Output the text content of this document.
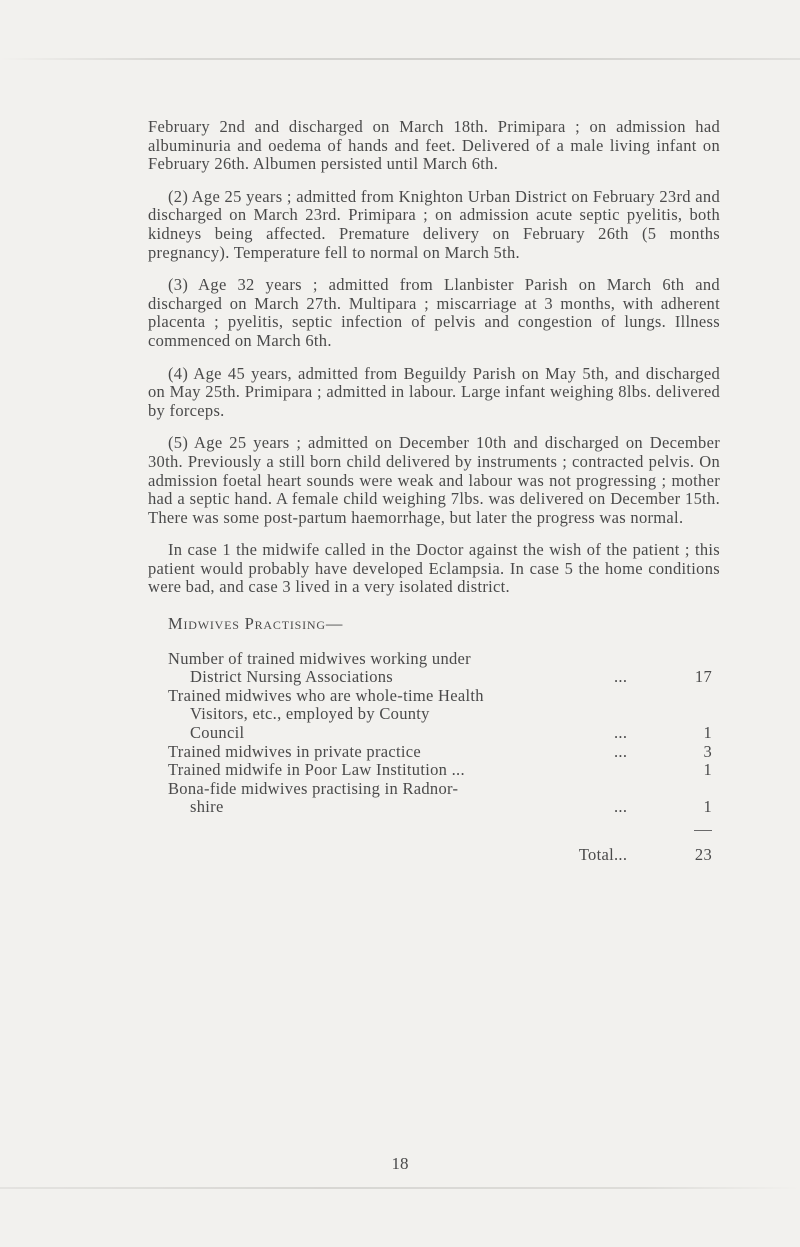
February 2nd and discharged on March 18th. Primipara ; on admission had albuminuria and oedema of hands and feet. Delivered of a male living infant on February 26th. Albumen persisted until March 6th.

(2) Age 25 years ; admitted from Knighton Urban District on February 23rd and discharged on March 23rd. Primipara ; on admission acute septic pyelitis, both kidneys being affected. Premature delivery on February 26th (5 months pregnancy). Temperature fell to normal on March 5th.

(3) Age 32 years ; admitted from Llanbister Parish on March 6th and discharged on March 27th. Multipara ; miscarriage at 3 months, with adherent placenta ; pyelitis, septic infection of pelvis and congestion of lungs. Illness commenced on March 6th.

(4) Age 45 years, admitted from Beguildy Parish on May 5th, and discharged on May 25th. Primipara ; admitted in labour. Large infant weighing 8lbs. delivered by forceps.

(5) Age 25 years ; admitted on December 10th and discharged on December 30th. Previously a still born child delivered by instruments ; contracted pelvis. On admission foetal heart sounds were weak and labour was not progressing ; mother had a septic hand. A female child weighing 7lbs. was delivered on December 15th. There was some post-partum haemorrhage, but later the progress was normal.

In case 1 the midwife called in the Doctor against the wish of the patient ; this patient would probably have developed Eclampsia. In case 5 the home conditions were bad, and case 3 lived in a very isolated district.

Midwives Practising—
Number of trained midwives working under
District Nursing Associations	...	17
Trained midwives who are whole-time Health
Visitors, etc., employed by County
Council	...	1
Trained midwives in private practice	...	3
Trained midwife in Poor Law Institution ...		1
Bona-fide midwives practising in Radnor-
shire	...	1

Total	...	23
18
